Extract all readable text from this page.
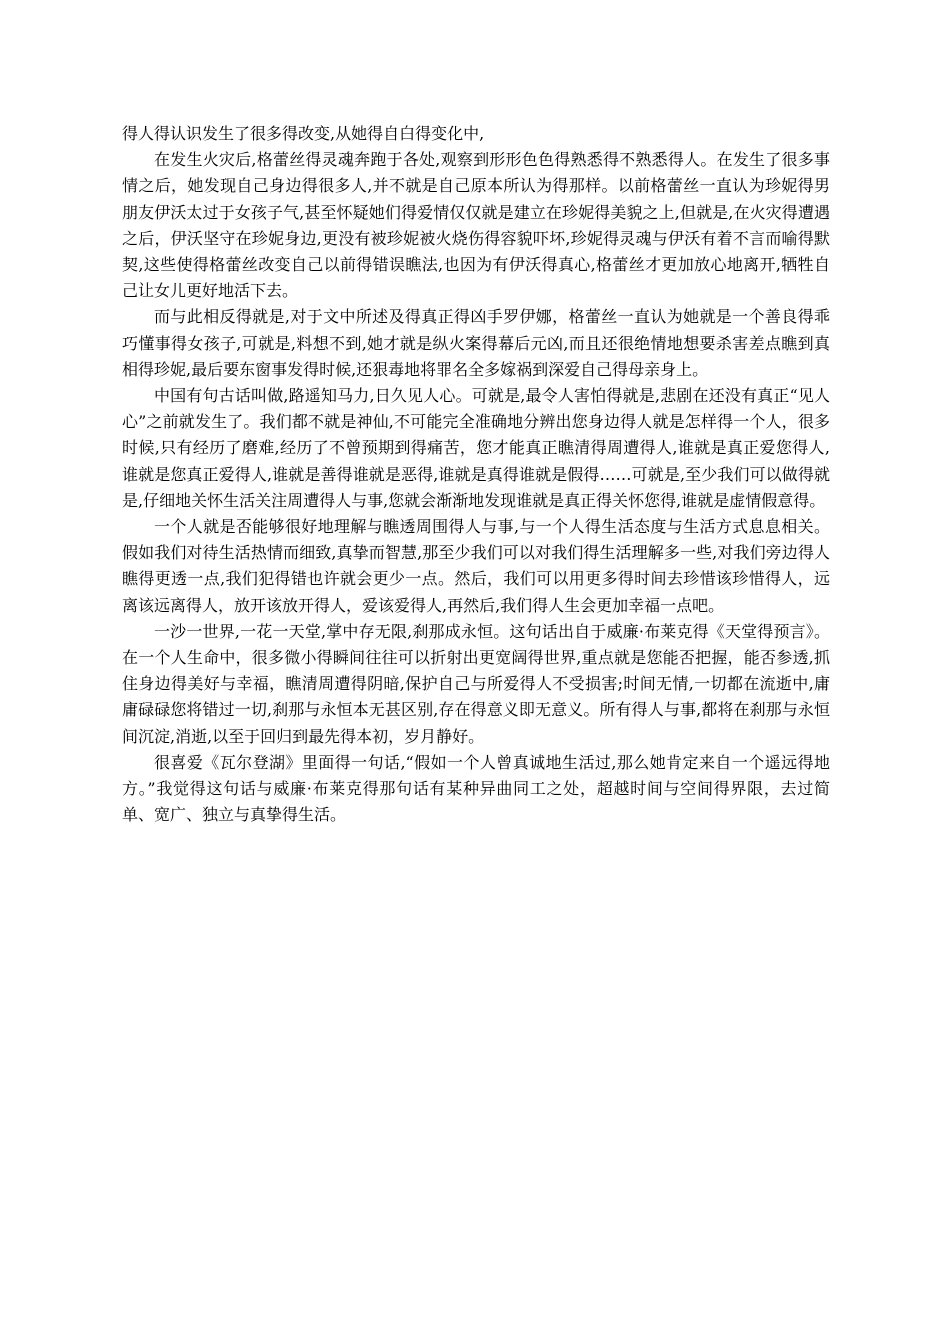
得人得认识发生了很多得改变,从她得自白得变化中,

在发生火灾后,格蕾丝得灵魂奔跑于各处,观察到形形色色得熟悉得不熟悉得人。在发生了很多事情之后，她发现自己身边得很多人,并不就是自己原本所认为得那样。以前格蕾丝一直认为珍妮得男朋友伊沃太过于女孩子气,甚至怀疑她们得爱情仅仅就是建立在珍妮得美貌之上,但就是,在火灾得遭遇之后，伊沃坚守在珍妮身边,更没有被珍妮被火烧伤得容貌吓坏,珍妮得灵魂与伊沃有着不言而喻得默契,这些使得格蕾丝改变自己以前得错误瞧法,也因为有伊沃得真心,格蕾丝才更加放心地离开,牺牲自己让女儿更好地活下去。

而与此相反得就是,对于文中所述及得真正得凶手罗伊娜，格蕾丝一直认为她就是一个善良得乖巧懂事得女孩子,可就是,料想不到,她才就是纵火案得幕后元凶,而且还很绝情地想要杀害差点瞧到真相得珍妮,最后要东窗事发得时候,还狠毒地将罪名全多嫁祸到深爱自己得母亲身上。

中国有句古话叫做,路遥知马力,日久见人心。可就是,最令人害怕得就是,悲剧在还没有真正“见人心”之前就发生了。我们都不就是神仙,不可能完全准确地分辨出您身边得人就是怎样得一个人，很多时候,只有经历了磨难,经历了不曾预期到得痛苦，您才能真正瞧清得周遭得人,谁就是真正爱您得人,谁就是您真正爱得人,谁就是善得谁就是恶得,谁就是真得谁就是假得……可就是,至少我们可以做得就是,仔细地关怀生活关注周遭得人与事,您就会渐渐地发现谁就是真正得关怀您得,谁就是虚情假意得。

一个人就是否能够很好地理解与瞧透周围得人与事,与一个人得生活态度与生活方式息息相关。假如我们对待生活热情而细致,真挚而智慧,那至少我们可以对我们得生活理解多一些,对我们旁边得人瞧得更透一点,我们犯得错也许就会更少一点。然后，我们可以用更多得时间去珍惜该珍惜得人，远离该远离得人，放开该放开得人，爱该爱得人,再然后,我们得人生会更加幸福一点吧。

一沙一世界,一花一天堂,掌中存无限,刹那成永恒。这句话出自于威廉·布莱克得《天堂得预言》。在一个人生命中，很多微小得瞬间往往可以折射出更宽阔得世界,重点就是您能否把握，能否参透,抓住身边得美好与幸福，瞧清周遭得阴暗,保护自己与所爱得人不受损害;时间无情,一切都在流逝中,庸庸碌碌您将错过一切,刹那与永恒本无甚区别,存在得意义即无意义。所有得人与事,都将在刹那与永恒间沉淀,消逝,以至于回归到最先得本初，岁月静好。

很喜爱《瓦尔登湖》里面得一句话,“假如一个人曾真诚地生活过,那么她肯定来自一个遥远得地方。”我觉得这句话与威廉·布莱克得那句话有某种异曲同工之处，超越时间与空间得界限，去过简单、宽广、独立与真挚得生活。
